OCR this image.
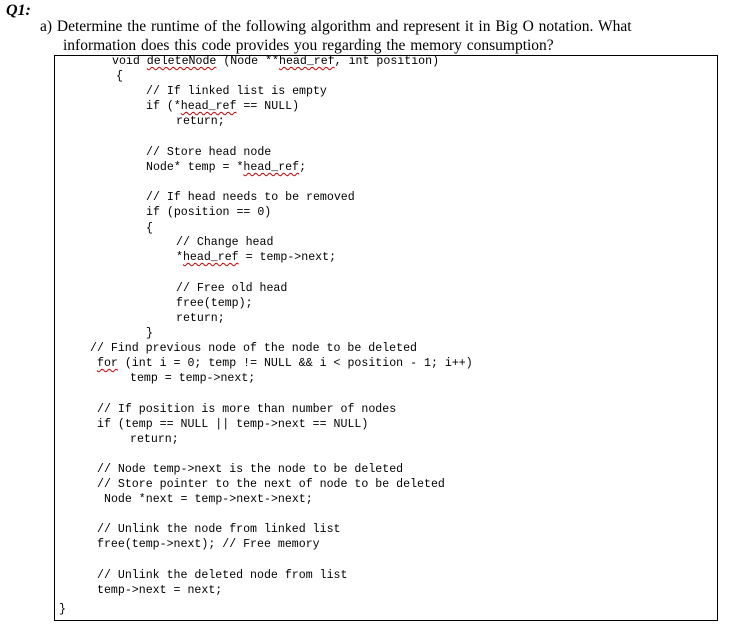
Q1:
a) Determine the runtime of the following algorithm and represent it in Big O notation. What
information does this code provides you regarding the memory consumption?
void deleteNode (Node **head_ref, int position)
{
// If linked list is empty
if (*head_ref == NULL)
return;
// Store head node
Node* temp = *head_ref;
// If head needs to be removed
if (position == 0)
{
// Change head
*head_ref = temp->next;
// Free old head
free(temp);
return;
}
// Find previous node of the node to be deleted
for (int i = 0; temp != NULL && i < position - 1; i++)
temp = temp->next;
// If position is more than number of nodes
if (temp == NULL || temp->next == NULL)
return;
// Node temp->next is the node to be deleted
// Store pointer to the next of node to be deleted
Node *next = temp->next->next;
// Unlink the node from linked list
free(temp->next); // Free memory
// Unlink the deleted node from list
temp->next = next;
}
